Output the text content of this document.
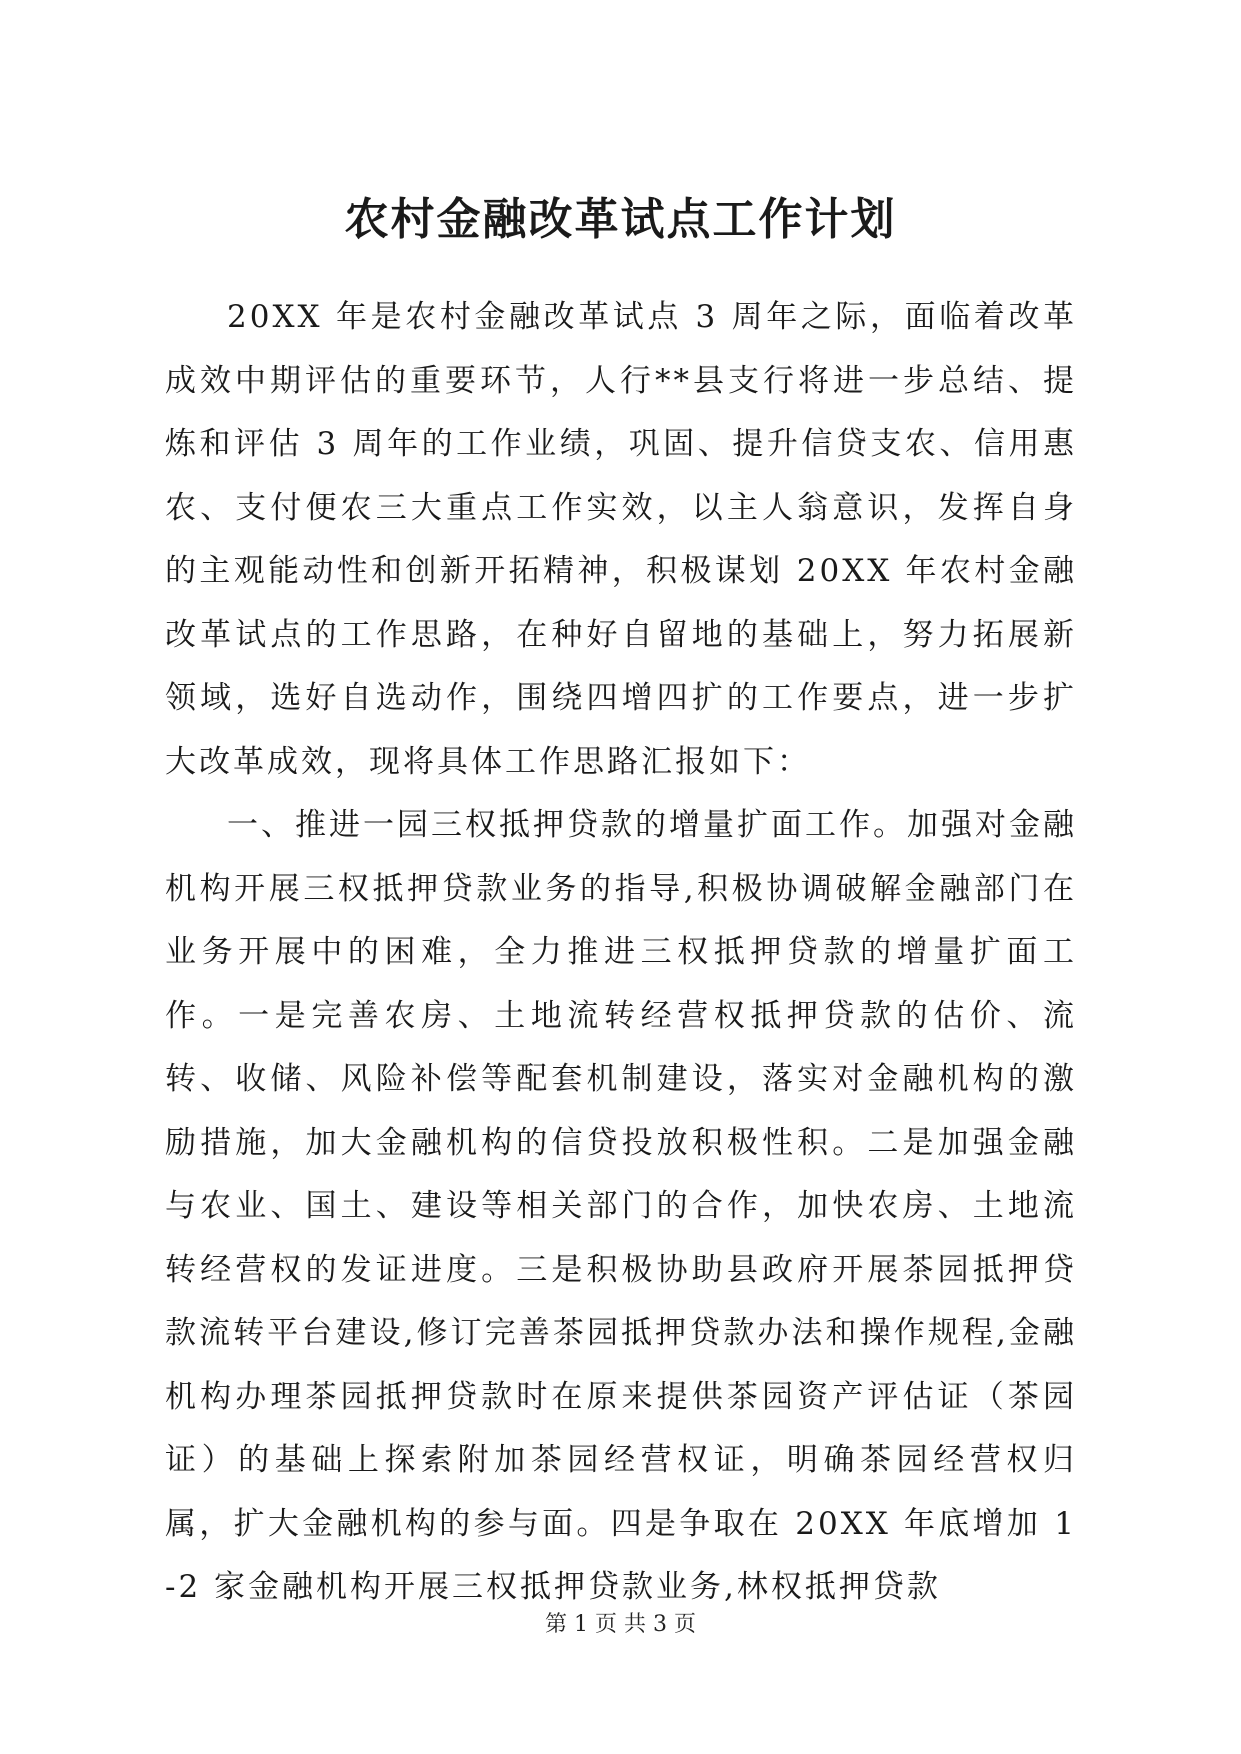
农村金融改革试点工作计划

20XX 年是农村金融改革试点 3 周年之际，面临着改革成效中期评估的重要环节，人行**县支行将进一步总结、提炼和评估 3 周年的工作业绩，巩固、提升信贷支农、信用惠农、支付便农三大重点工作实效，以主人翁意识，发挥自身的主观能动性和创新开拓精神，积极谋划 20XX 年农村金融改革试点的工作思路，在种好自留地的基础上，努力拓展新领域，选好自选动作，围绕四增四扩的工作要点，进一步扩大改革成效，现将具体工作思路汇报如下：

一、推进一园三权抵押贷款的增量扩面工作。加强对金融机构开展三权抵押贷款业务的指导,积极协调破解金融部门在业务开展中的困难，全力推进三权抵押贷款的增量扩面工作。一是完善农房、土地流转经营权抵押贷款的估价、流转、收储、风险补偿等配套机制建设，落实对金融机构的激励措施，加大金融机构的信贷投放积极性积。二是加强金融与农业、国土、建设等相关部门的合作，加快农房、土地流转经营权的发证进度。三是积极协助县政府开展茶园抵押贷款流转平台建设,修订完善茶园抵押贷款办法和操作规程,金融机构办理茶园抵押贷款时在原来提供茶园资产评估证（茶园证）的基础上探索附加茶园经营权证，明确茶园经营权归属，扩大金融机构的参与面。四是争取在 20XX 年底增加 1-2 家金融机构开展三权抵押贷款业务,林权抵押贷款

第 1 页 共 3 页
